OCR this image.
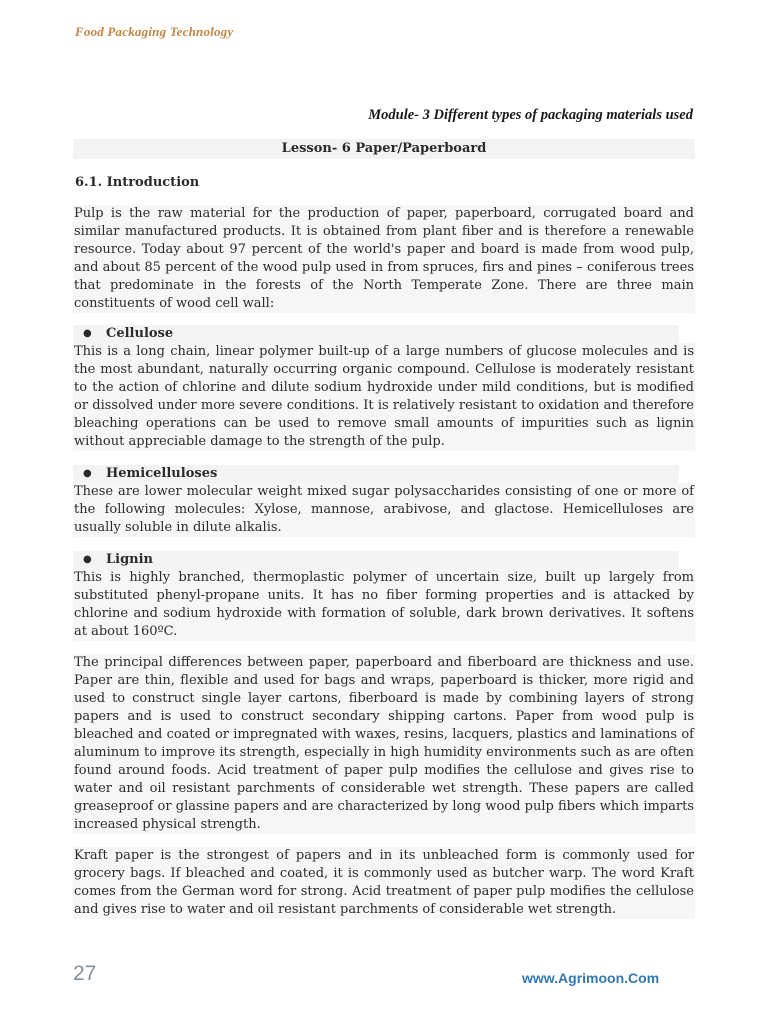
Food Packaging Technology
Module- 3 Different types of packaging materials used
Lesson- 6 Paper/Paperboard
6.1. Introduction

Pulp is the raw material for the production of paper, paperboard, corrugated board and similar manufactured products. It is obtained from plant fiber and is therefore a renewable resource. Today about 97 percent of the world's paper and board is made from wood pulp, and about 85 percent of the wood pulp used in from spruces, firs and pines – coniferous trees that predominate in the forests of the North Temperate Zone. There are three main constituents of wood cell wall:

● Cellulose

This is a long chain, linear polymer built-up of a large numbers of glucose molecules and is the most abundant, naturally occurring organic compound. Cellulose is moderately resistant to the action of chlorine and dilute sodium hydroxide under mild conditions, but is modified or dissolved under more severe conditions. It is relatively resistant to oxidation and therefore bleaching operations can be used to remove small amounts of impurities such as lignin without appreciable damage to the strength of the pulp.

● Hemicelluloses

These are lower molecular weight mixed sugar polysaccharides consisting of one or more of the following molecules: Xylose, mannose, arabivose, and glactose. Hemicelluloses are usually soluble in dilute alkalis.

● Lignin

This is highly branched, thermoplastic polymer of uncertain size, built up largely from substituted phenyl-propane units. It has no fiber forming properties and is attacked by chlorine and sodium hydroxide with formation of soluble, dark brown derivatives. It softens at about 160ºC.

The principal differences between paper, paperboard and fiberboard are thickness and use. Paper are thin, flexible and used for bags and wraps, paperboard is thicker, more rigid and used to construct single layer cartons, fiberboard is made by combining layers of strong papers and is used to construct secondary shipping cartons. Paper from wood pulp is bleached and coated or impregnated with waxes, resins, lacquers, plastics and laminations of aluminum to improve its strength, especially in high humidity environments such as are often found around foods. Acid treatment of paper pulp modifies the cellulose and gives rise to water and oil resistant parchments of considerable wet strength. These papers are called greaseproof or glassine papers and are characterized by long wood pulp fibers which imparts increased physical strength.

Kraft paper is the strongest of papers and in its unbleached form is commonly used for grocery bags. If bleached and coated, it is commonly used as butcher warp. The word Kraft comes from the German word for strong. Acid treatment of paper pulp modifies the cellulose and gives rise to water and oil resistant parchments of considerable wet strength.

27	www.Agrimoon.Com
